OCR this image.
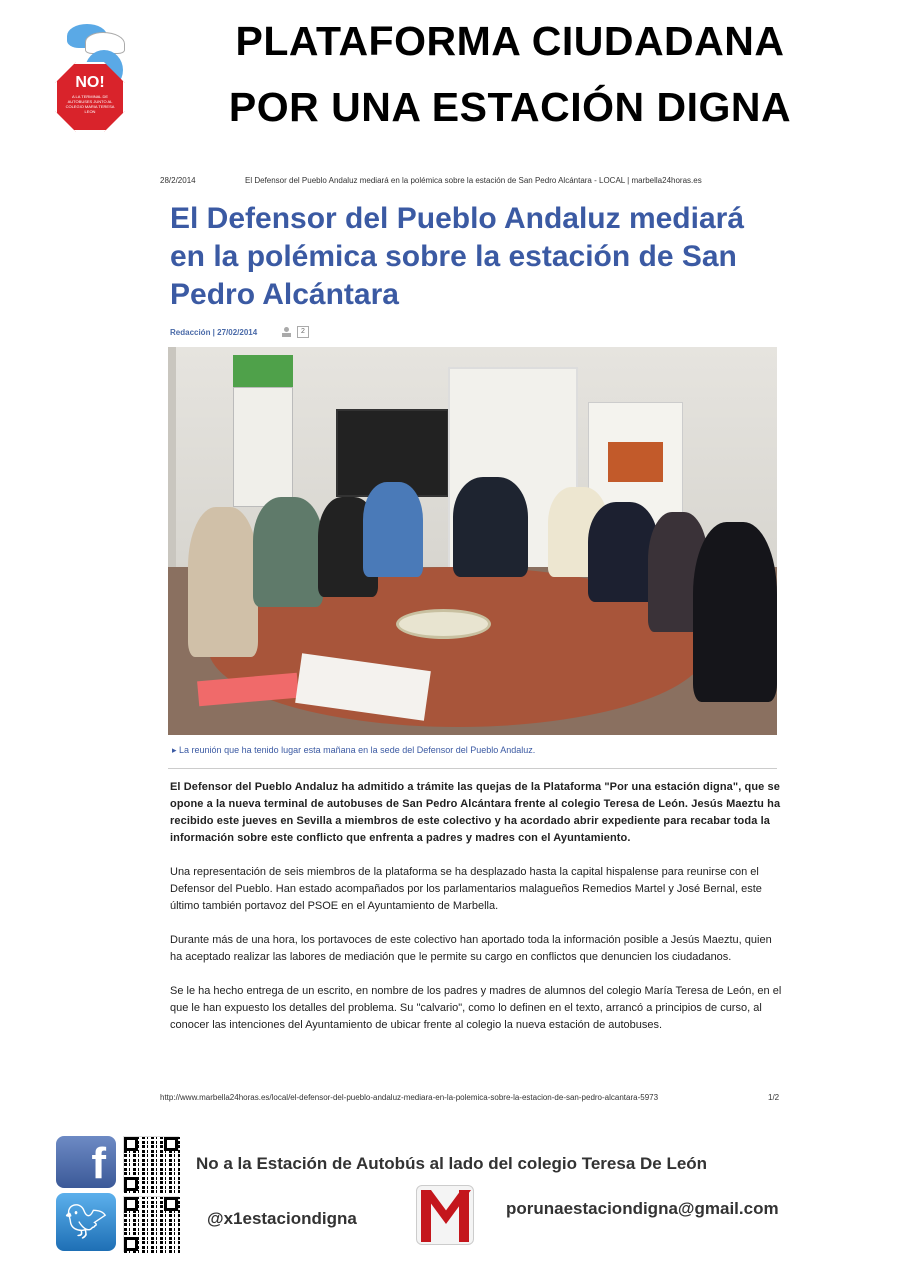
NO!
A LA TERMINAL DE AUTOBUSES JUNTO AL COLEGIO MARIA TERESA LEON
PLATAFORMA CIUDADANA
POR UNA ESTACIÓN DIGNA
28/2/2014	El Defensor del Pueblo Andaluz mediará en la polémica sobre la estación de San Pedro Alcántara - LOCAL | marbella24horas.es
El Defensor del Pueblo Andaluz mediará en la polémica sobre la estación de San Pedro Alcántara
Redacción | 27/02/2014	2
▸ La reunión que ha tenido lugar esta mañana en la sede del Defensor del Pueblo Andaluz.

El Defensor del Pueblo Andaluz ha admitido a trámite las quejas de la Plataforma "Por una estación digna", que se opone a la nueva terminal de autobuses de San Pedro Alcántara frente al colegio Teresa de León. Jesús Maeztu ha recibido este jueves en Sevilla a miembros de este colectivo y ha acordado abrir expediente para recabar toda la información sobre este conflicto que enfrenta a padres y madres con el Ayuntamiento.

Una representación de seis miembros de la plataforma se ha desplazado hasta la capital hispalense para reunirse con el Defensor del Pueblo. Han estado acompañados por los parlamentarios malagueños Remedios Martel y José Bernal, este último también portavoz del PSOE en el Ayuntamiento de Marbella.

Durante más de una hora, los portavoces de este colectivo han aportado toda la información posible a Jesús Maeztu, quien ha aceptado realizar las labores de mediación que le permite su cargo en conflictos que denuncien los ciudadanos.

Se le ha hecho entrega de un escrito, en nombre de los padres y madres de alumnos del colegio María Teresa de León, en el que le han expuesto los detalles del problema. Su "calvario", como lo definen en el texto, arrancó a principios de curso, al conocer las intenciones del Ayuntamiento de ubicar frente al colegio la nueva estación de autobuses.

http://www.marbella24horas.es/local/el-defensor-del-pueblo-andaluz-mediara-en-la-polemica-sobre-la-estacion-de-san-pedro-alcantara-5973	1/2
f	No a la Estación de Autobús al lado del colegio Teresa De León
🐦︎	@x1estaciondigna
porunaestaciondigna@gmail.com
